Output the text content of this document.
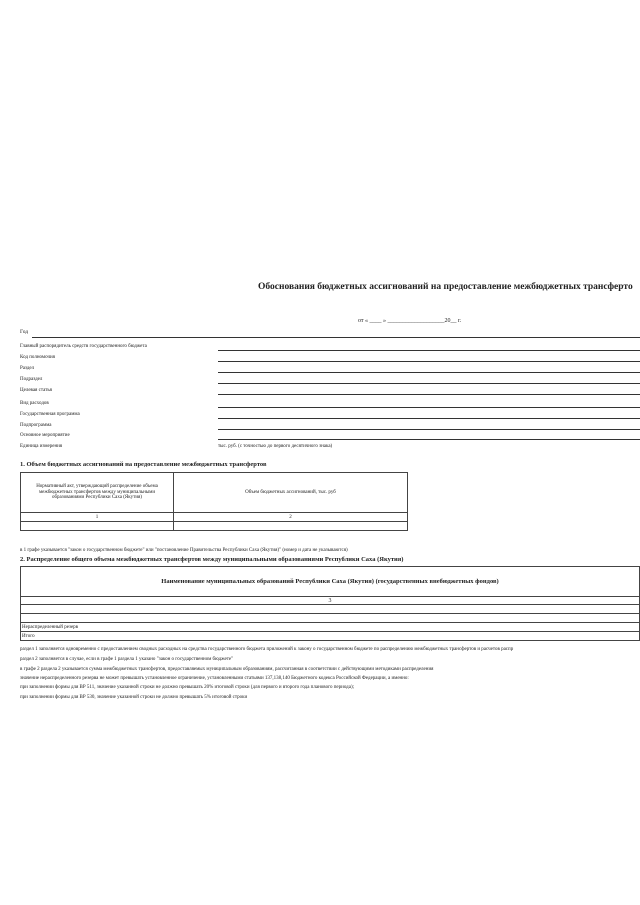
Обоснования бюджетных ассигнований на предоставление межбюджетных трансферто
от « ____ » ___________________20__ г.
Год
Главный распорядитель средств государственного бюджета
Код полномочия
Раздел
Подраздел
Целевая статья
Вид расходов
Государственная программа
Подпрограмма
Основное мероприятие
Единица измерения	тыс. руб. (с точностью до первого десятичного знака)
1. Объем бюджетных ассигнований на предоставление межбюджетных трансфертов
Нормативный акт, утверждающий распределение объема межбюджетных трансфертов между муниципальными образованиями Республики Саха (Якутия)	Объем бюджетных ассигнований, тыс. руб
1	2

в 1 графе указывается "закон о государственном бюджете" или "постановление Правительства Республики Саха (Якутия)" (номер и дата не указываются)
2. Распределение общего объема межбюджетных трансфертов между муниципальными образованиями Республики Саха (Якутия)
Наименование муниципальных образований Республики Саха (Якутия) (государственных внебюджетных фондов)
3

Нераспределенный резерв
Итого
раздел 1 заполняется одновременно с предоставлением сводных расходных на средства государственного бюджета приложений к закону о государственном бюджете по распределению межбюджетных трансфертов и расчетов распр
раздел 2 заполняется в случае, если в графе 1 раздела 1 указано "закон о государственном бюджете"
в графе 2 раздела 2 указывается сумма межбюджетных трансфертов, предоставляемых муниципальным образованиям, рассчитанная в соответствии с действующими методиками распределения
значение нераспределенного резерва не может превышать установленное ограничение, установленными статьями 137,138,140 Бюджетного кодекса Российской Федерации, а именно:
при заполнении формы для ВР 511, значение указанной строки не должно превышать 20% итоговой строки (для первого и второго года планового периода);
при заполнении формы для ВР 530, значение указанной строки не должно превышать 5% итоговой строки
